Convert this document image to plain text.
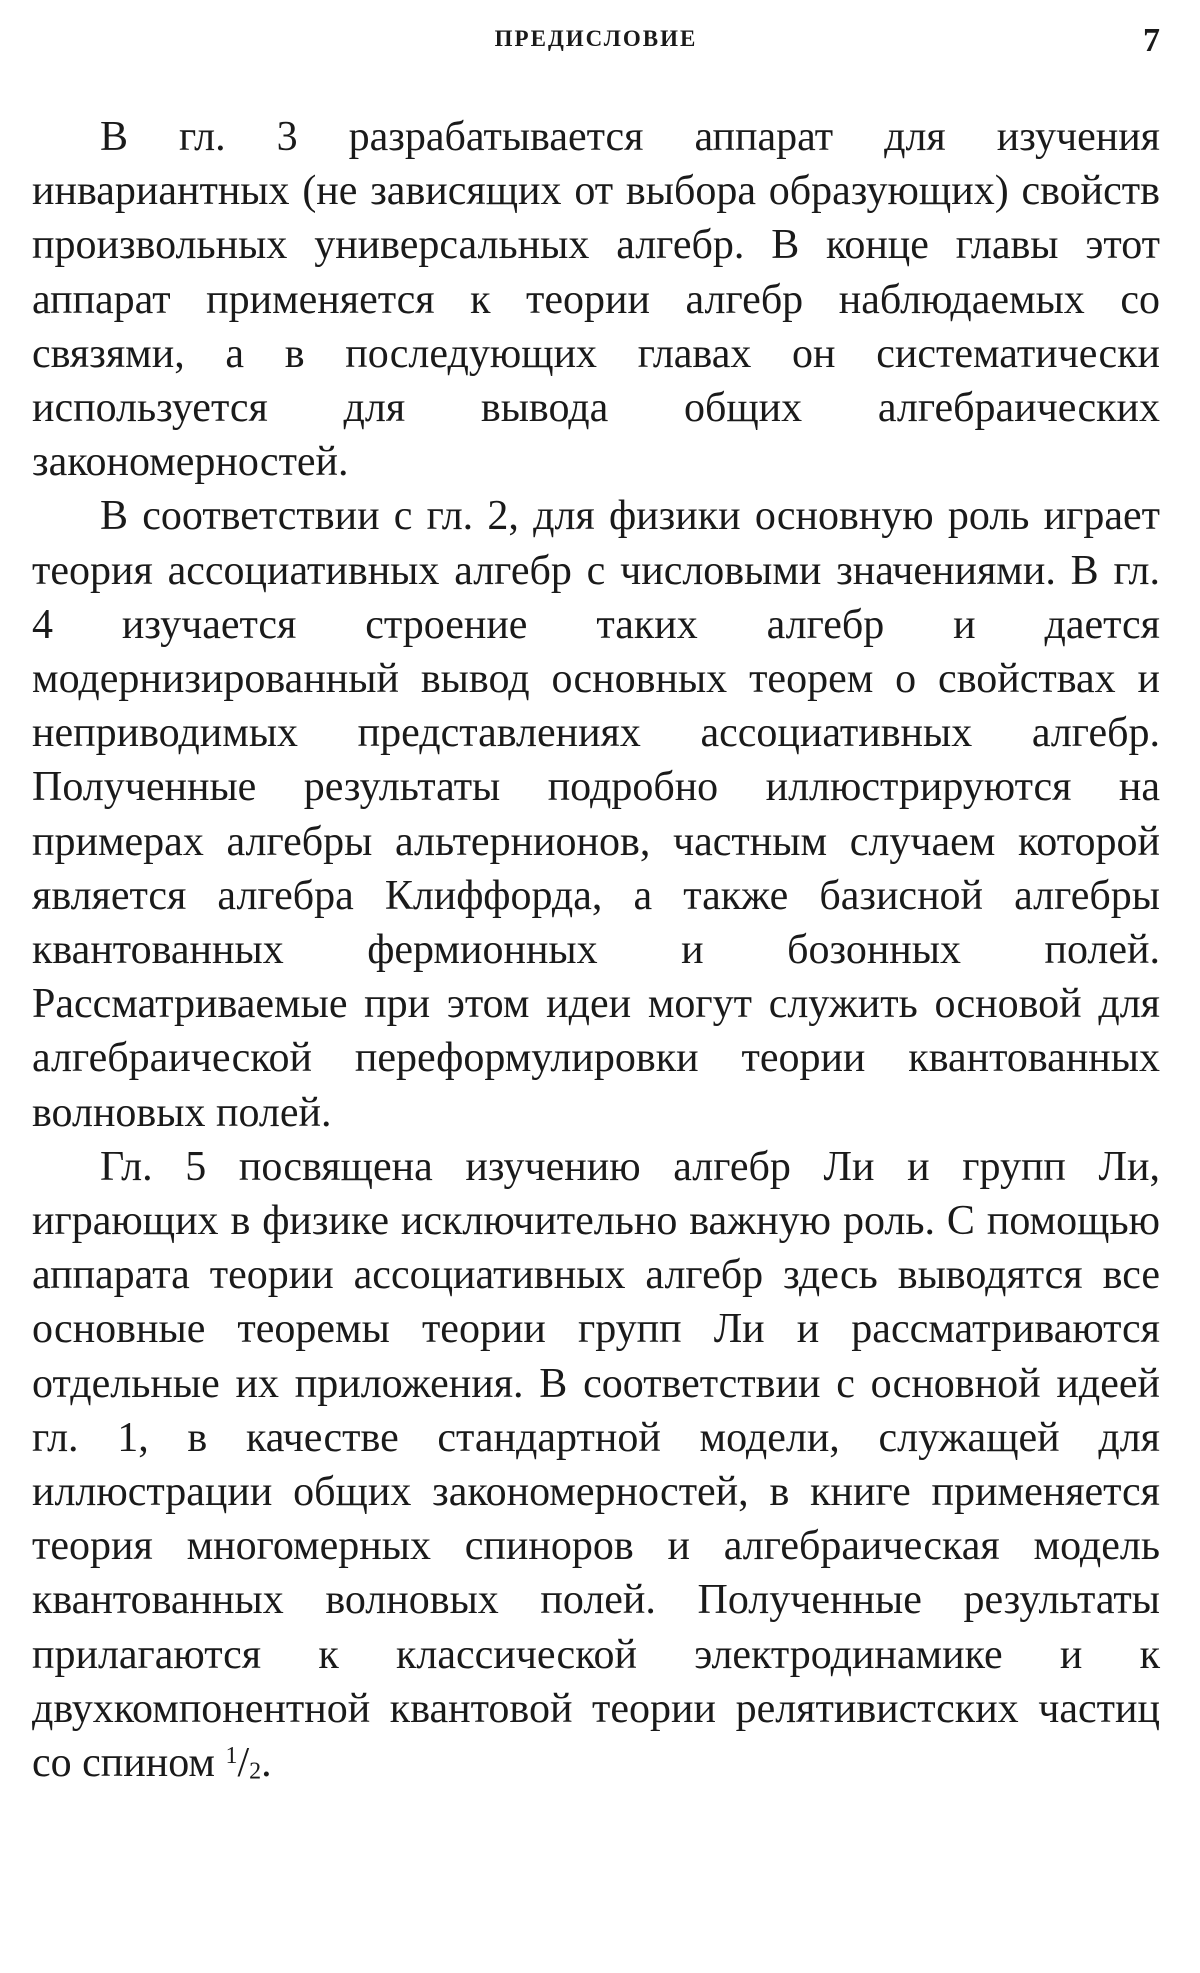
ПРЕДИСЛОВИЕ	7

В гл. 3 разрабатывается аппарат для изучения инвариантных (не зависящих от выбора образующих) свойств произвольных универсальных алгебр. В конце главы этот аппарат применяется к теории алгебр наблюдаемых со связями, а в последующих главах он систематически используется для вывода общих алгебраических закономерностей.

В соответствии с гл. 2, для физики основную роль играет теория ассоциативных алгебр с числовыми значениями. В гл. 4 изучается строение таких алгебр и дается модернизированный вывод основных теорем о свойствах и неприводимых представлениях ассоциативных алгебр. Полученные результаты подробно иллюстрируются на примерах алгебры альтернионов, частным случаем которой является алгебра Клиффорда, а также базисной алгебры квантованных фермионных и бозонных полей. Рассматриваемые при этом идеи могут служить основой для алгебраической переформулировки теории квантованных волновых полей.

Гл. 5 посвящена изучению алгебр Ли и групп Ли, играющих в физике исключительно важную роль. С помощью аппарата теории ассоциативных алгебр здесь выводятся все основные теоремы теории групп Ли и рассматриваются отдельные их приложения. В соответствии с основной идеей гл. 1, в качестве стандартной модели, служащей для иллюстрации общих закономерностей, в книге применяется теория многомерных спиноров и алгебраическая модель квантованных волновых полей. Полученные результаты прилагаются к классической электродинамике и к двухкомпонентной квантовой теории релятивистских частиц со спином $^1/_2$.
